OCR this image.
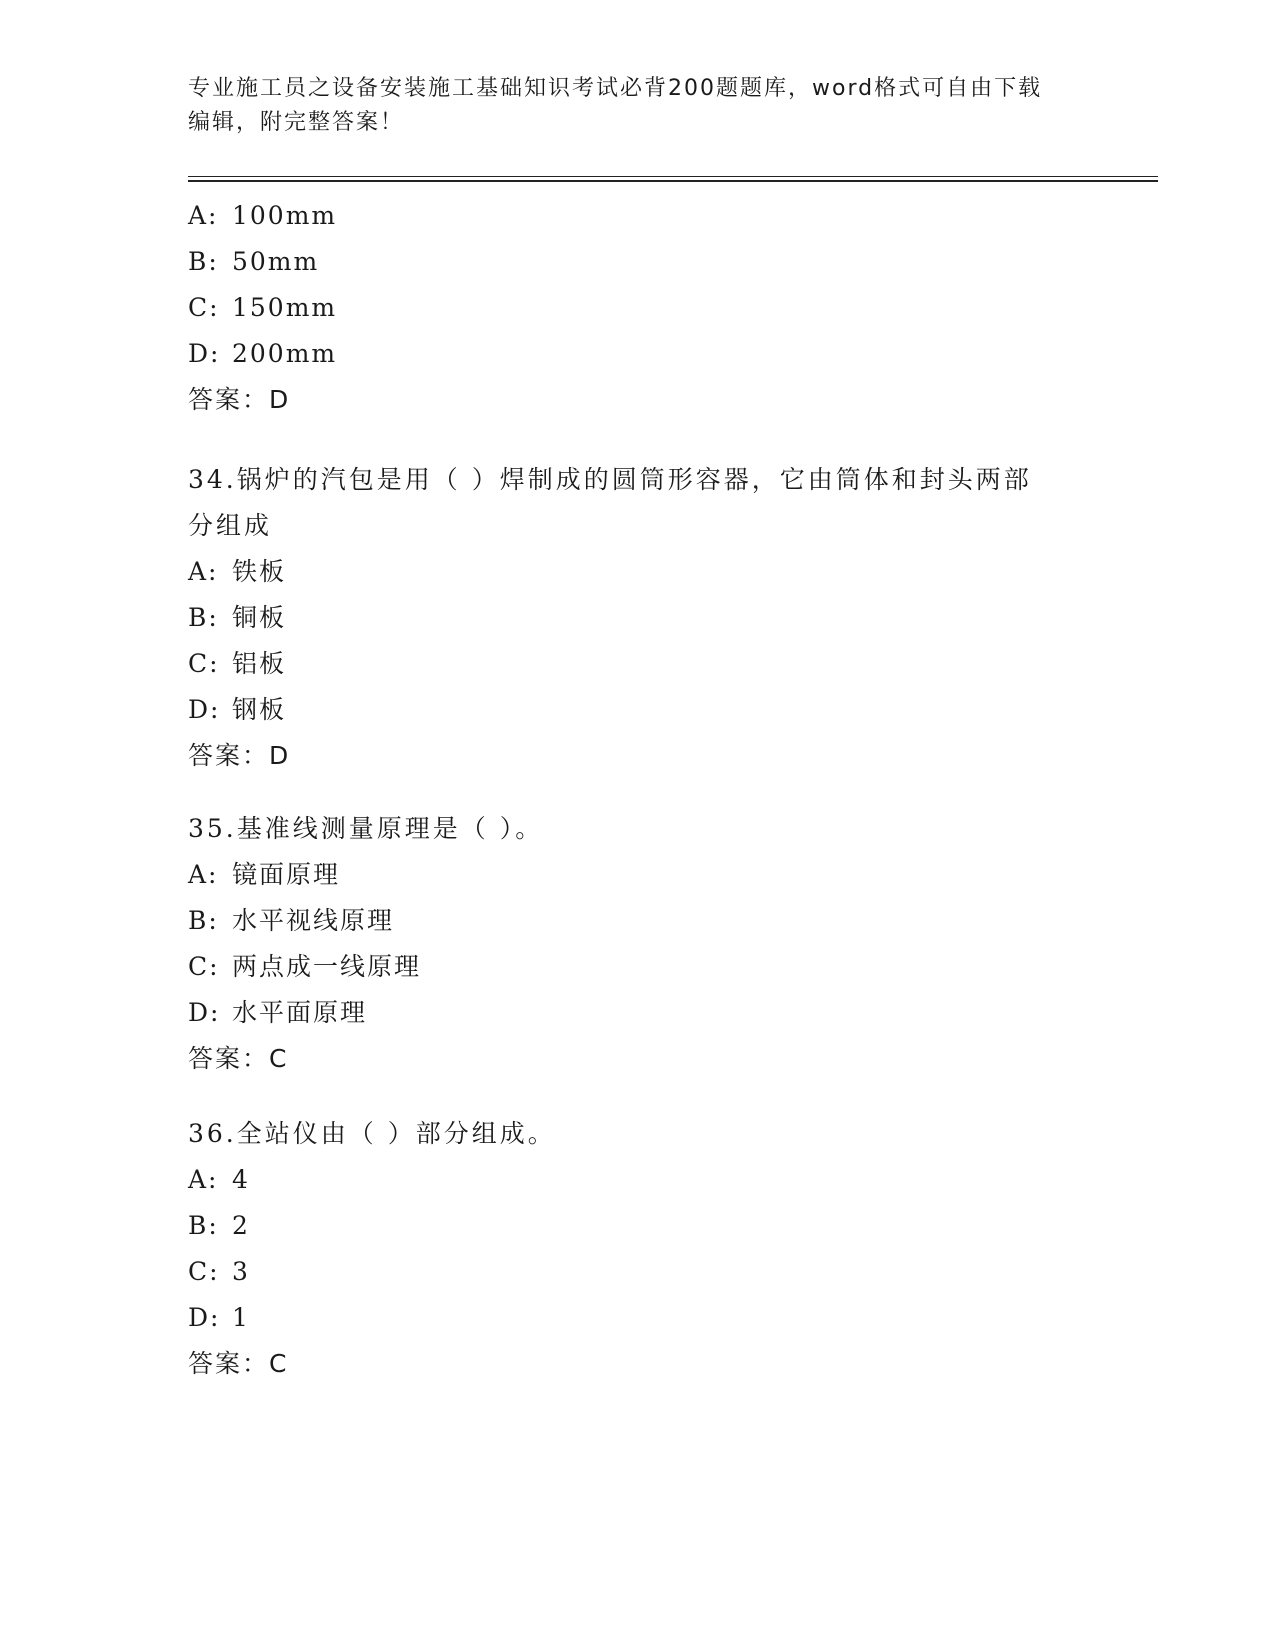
专业施工员之设备安装施工基础知识考试必背200题题库，word格式可自由下载
编辑，附完整答案！
A: 100mm
B: 50mm
C: 150mm
D: 200mm
答案：D
34.锅炉的汽包是用（ ）焊制成的圆筒形容器，它由筒体和封头两部分组成
A: 铁板
B: 铜板
C: 铝板
D: 钢板
答案：D
35.基准线测量原理是（ ）。
A: 镜面原理
B: 水平视线原理
C: 两点成一线原理
D: 水平面原理
答案：C
36.全站仪由（ ）部分组成。
A: 4
B: 2
C: 3
D: 1
答案：C
